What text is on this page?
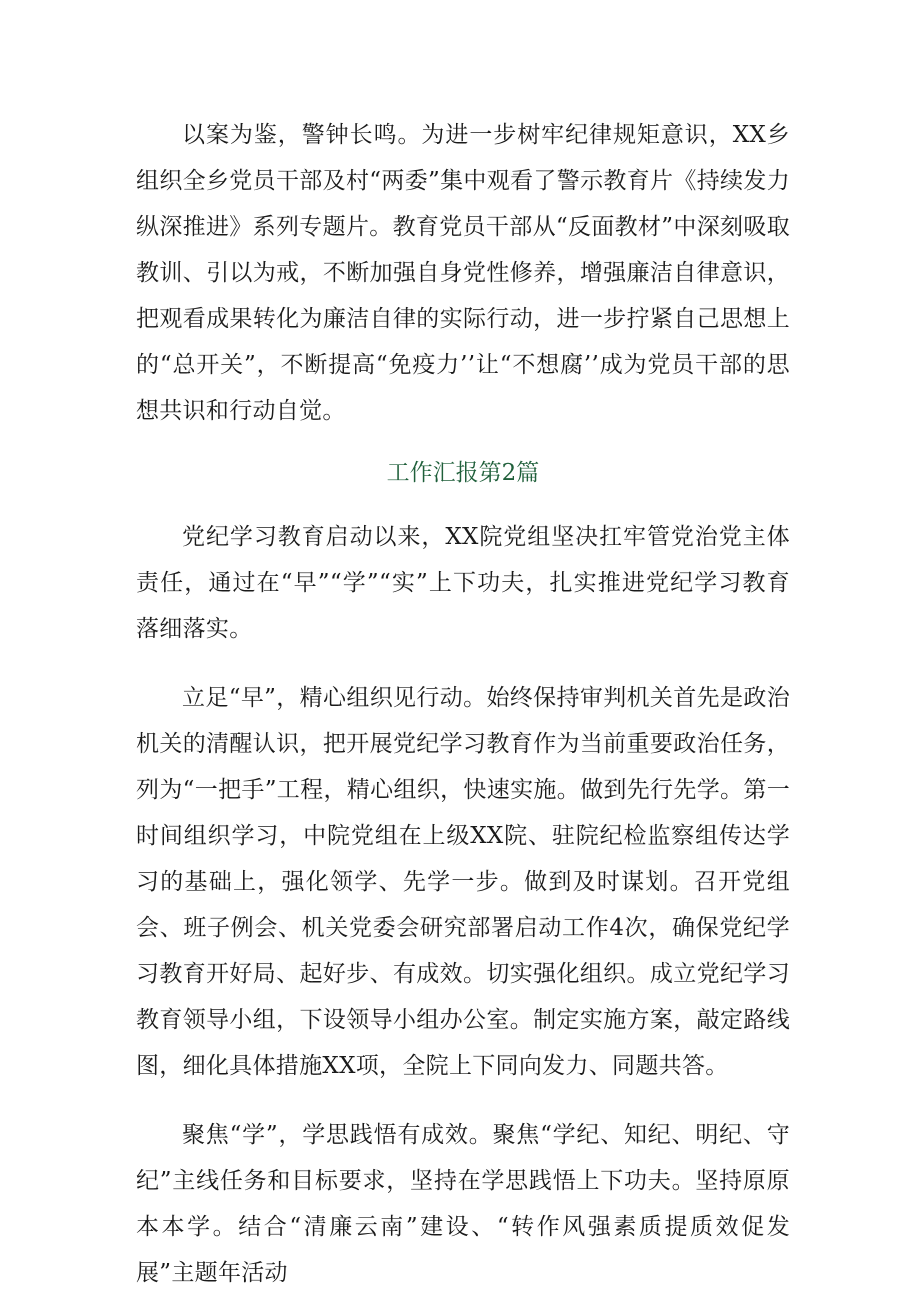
以案为鉴，警钟长鸣。为进一步树牢纪律规矩意识，XX乡组织全乡党员干部及村“两委”集中观看了警示教育片《持续发力纵深推进》系列专题片。教育党员干部从“反面教材”中深刻吸取教训、引以为戒，不断加强自身党性修养，增强廉洁自律意识，把观看成果转化为廉洁自律的实际行动，进一步拧紧自己思想上的“总开关”，不断提高“免疫力’’让“不想腐’’成为党员干部的思想共识和行动自觉。

工作汇报第2篇

党纪学习教育启动以来，XX院党组坚决扛牢管党治党主体责任，通过在“早”“学”“实”上下功夫，扎实推进党纪学习教育落细落实。

立足“早”，精心组织见行动。始终保持审判机关首先是政治机关的清醒认识，把开展党纪学习教育作为当前重要政治任务，列为“一把手”工程，精心组织，快速实施。做到先行先学。第一时间组织学习，中院党组在上级XX院、驻院纪检监察组传达学习的基础上，强化领学、先学一步。做到及时谋划。召开党组会、班子例会、机关党委会研究部署启动工作4次，确保党纪学习教育开好局、起好步、有成效。切实强化组织。成立党纪学习教育领导小组，下设领导小组办公室。制定实施方案，敲定路线图，细化具体措施XX项，全院上下同向发力、同题共答。

聚焦“学”，学思践悟有成效。聚焦“学纪、知纪、明纪、守纪”主线任务和目标要求，坚持在学思践悟上下功夫。坚持原原本本学。结合“清廉云南”建设、“转作风强素质提质效促发展”主题年活动
